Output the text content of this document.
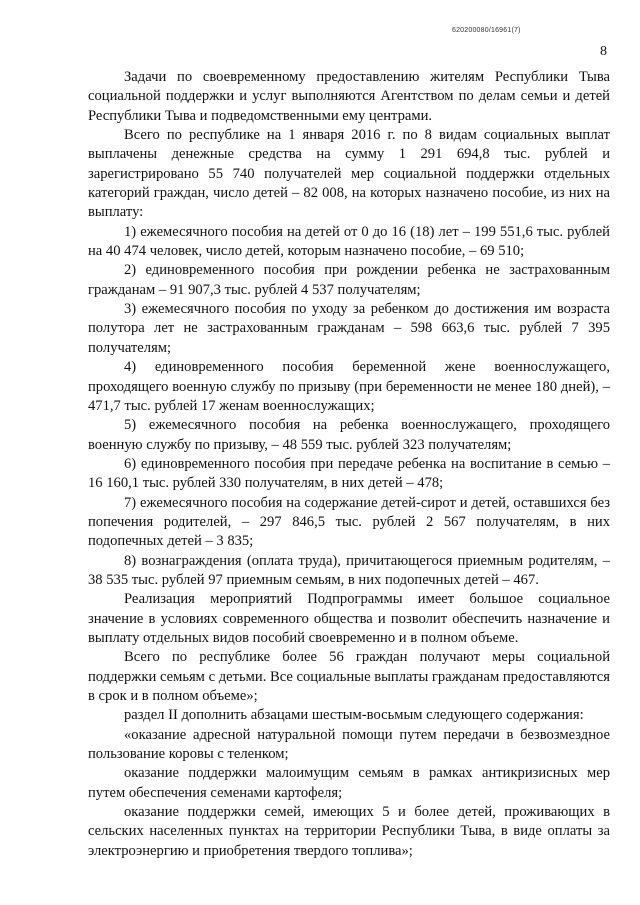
620200080/16961(7)
8

Задачи по своевременному предоставлению жителям Республики Тыва социальной поддержки и услуг выполняются Агентством по делам семьи и детей Республики Тыва и подведомственными ему центрами.

Всего по республике на 1 января 2016 г. по 8 видам социальных выплат выплачены денежные средства на сумму 1 291 694,8 тыс. рублей и зарегистрировано 55 740 получателей мер социальной поддержки отдельных категорий граждан, число детей – 82 008, на которых назначено пособие, из них на выплату:

1) ежемесячного пособия на детей от 0 до 16 (18) лет – 199 551,6 тыс. рублей на 40 474 человек, число детей, которым назначено пособие, – 69 510;

2) единовременного пособия при рождении ребенка не застрахованным гражданам – 91 907,3 тыс. рублей 4 537 получателям;

3) ежемесячного пособия по уходу за ребенком до достижения им возраста полутора лет не застрахованным гражданам – 598 663,6 тыс. рублей 7 395 получателям;

4) единовременного пособия беременной жене военнослужащего, проходящего военную службу по призыву (при беременности не менее 180 дней), – 471,7 тыс. рублей 17 женам военнослужащих;

5) ежемесячного пособия на ребенка военнослужащего, проходящего военную службу по призыву, – 48 559 тыс. рублей 323 получателям;

6) единовременного пособия при передаче ребенка на воспитание в семью – 16 160,1 тыс. рублей 330 получателям, в них детей – 478;

7) ежемесячного пособия на содержание детей-сирот и детей, оставшихся без попечения родителей, – 297 846,5 тыс. рублей 2 567 получателям, в них подопечных детей – 3 835;

8) вознаграждения (оплата труда), причитающегося приемным родителям, – 38 535 тыс. рублей 97 приемным семьям, в них подопечных детей – 467.

Реализация мероприятий Подпрограммы имеет большое социальное значение в условиях современного общества и позволит обеспечить назначение и выплату отдельных видов пособий своевременно и в полном объеме.

Всего по республике более 56 граждан получают меры социальной поддержки семьям с детьми. Все социальные выплаты гражданам предоставляются в срок и в полном объеме»;

раздел II дополнить абзацами шестым-восьмым следующего содержания:

«оказание адресной натуральной помощи путем передачи в безвозмездное пользование коровы с теленком;

оказание поддержки малоимущим семьям в рамках антикризисных мер путем обеспечения семенами картофеля;

оказание поддержки семей, имеющих 5 и более детей, проживающих в сельских населенных пунктах на территории Республики Тыва, в виде оплаты за электроэнергию и приобретения твердого топлива»;
